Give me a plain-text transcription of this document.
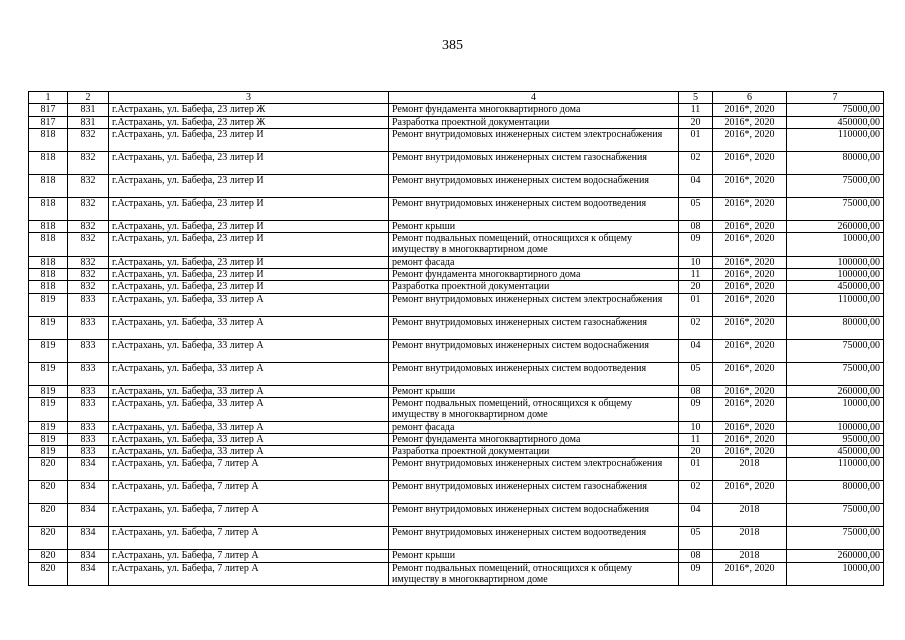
385
1	2	3	4	5	6	7
817	831	г.Астрахань, ул. Бабефа, 23 литер Ж	Ремонт фундамента многоквартирного дома	11	2016*, 2020	75000,00
817	831	г.Астрахань, ул. Бабефа, 23 литер Ж	Разработка проектной документации	20	2016*, 2020	450000,00
818	832	г.Астрахань, ул. Бабефа, 23 литер И	Ремонт внутридомовых инженерных систем электроснабжения	01	2016*, 2020	110000,00
818	832	г.Астрахань, ул. Бабефа, 23 литер И	Ремонт внутридомовых инженерных систем газоснабжения	02	2016*, 2020	80000,00
818	832	г.Астрахань, ул. Бабефа, 23 литер И	Ремонт внутридомовых инженерных систем водоснабжения	04	2016*, 2020	75000,00
818	832	г.Астрахань, ул. Бабефа, 23 литер И	Ремонт внутридомовых инженерных систем водоотведения	05	2016*, 2020	75000,00
818	832	г.Астрахань, ул. Бабефа, 23 литер И	Ремонт крыши	08	2016*, 2020	260000,00
818	832	г.Астрахань, ул. Бабефа, 23 литер И	Ремонт подвальных помещений, относящихся к общему имуществу в многоквартирном доме	09	2016*, 2020	10000,00
818	832	г.Астрахань, ул. Бабефа, 23 литер И	ремонт фасада	10	2016*, 2020	100000,00
818	832	г.Астрахань, ул. Бабефа, 23 литер И	Ремонт фундамента многоквартирного дома	11	2016*, 2020	100000,00
818	832	г.Астрахань, ул. Бабефа, 23 литер И	Разработка проектной документации	20	2016*, 2020	450000,00
819	833	г.Астрахань, ул. Бабефа, 33 литер А	Ремонт внутридомовых инженерных систем электроснабжения	01	2016*, 2020	110000,00
819	833	г.Астрахань, ул. Бабефа, 33 литер А	Ремонт внутридомовых инженерных систем газоснабжения	02	2016*, 2020	80000,00
819	833	г.Астрахань, ул. Бабефа, 33 литер А	Ремонт внутридомовых инженерных систем водоснабжения	04	2016*, 2020	75000,00
819	833	г.Астрахань, ул. Бабефа, 33 литер А	Ремонт внутридомовых инженерных систем водоотведения	05	2016*, 2020	75000,00
819	833	г.Астрахань, ул. Бабефа, 33 литер А	Ремонт крыши	08	2016*, 2020	260000,00
819	833	г.Астрахань, ул. Бабефа, 33 литер А	Ремонт подвальных помещений, относящихся к общему имуществу в многоквартирном доме	09	2016*, 2020	10000,00
819	833	г.Астрахань, ул. Бабефа, 33 литер А	ремонт фасада	10	2016*, 2020	100000,00
819	833	г.Астрахань, ул. Бабефа, 33 литер А	Ремонт фундамента многоквартирного дома	11	2016*, 2020	95000,00
819	833	г.Астрахань, ул. Бабефа, 33 литер А	Разработка проектной документации	20	2016*, 2020	450000,00
820	834	г.Астрахань, ул. Бабефа, 7 литер А	Ремонт внутридомовых инженерных систем электроснабжения	01	2018	110000,00
820	834	г.Астрахань, ул. Бабефа, 7 литер А	Ремонт внутридомовых инженерных систем газоснабжения	02	2016*, 2020	80000,00
820	834	г.Астрахань, ул. Бабефа, 7 литер А	Ремонт внутридомовых инженерных систем водоснабжения	04	2018	75000,00
820	834	г.Астрахань, ул. Бабефа, 7 литер А	Ремонт внутридомовых инженерных систем водоотведения	05	2018	75000,00
820	834	г.Астрахань, ул. Бабефа, 7 литер А	Ремонт крыши	08	2018	260000,00
820	834	г.Астрахань, ул. Бабефа, 7 литер А	Ремонт подвальных помещений, относящихся к общему имуществу в многоквартирном доме	09	2016*, 2020	10000,00
